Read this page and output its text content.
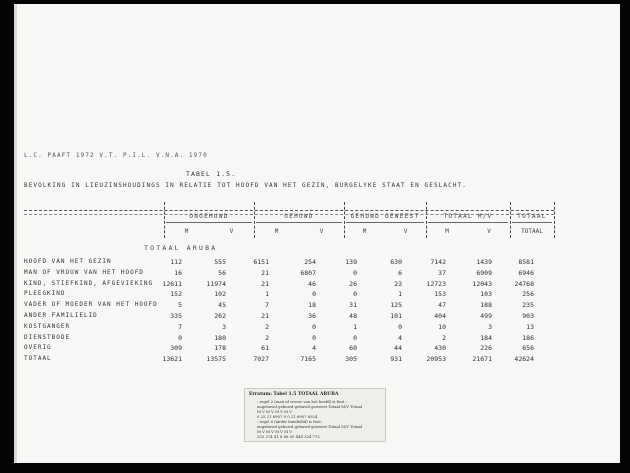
L.C. PAAFT 1972 V.T. P.I.L. V.N.A. 1970
TABEL 1.5.
BEVOLKING IN LIEUZINSHOUDINGS IN RELATIE TOT HOOFD VAN HET GEZIN, BURGELYKE STAAT EN GESLACHT.
ONGEHUWD
M	V
GEHUWD
M	V
GEHUWD GEWEEST
M	V
TOTAAL M/V
M	V
TOTAAL
TOTAAL
TOTAAL ARUBA
HOOFD VAN HET GEZIN	112	555	6151	254	139	630	7142	1439	8581
MAN OF VROUW VAN HET HOOFD	16	56	21	6807	0	6	37	6909	6946
KIND, STIEFKIND, AFGEVIEKING	12611	11974	21	46	26	23	12723	12043	24768
PLEEGKIND	152	102	1	0	0	1	153	103	256
VADER OF MOEDER VAN HET HOOFD	5	45	7	18	31	125	47	188	235
ANDER FAMILIELID	335	262	21	36	48	101	404	499	903
KOSTGANGER	7	3	2	0	1	0	10	3	13
DIENSTBODE	0	180	2	0	0	4	2	184	186
OVERIG	309	178	61	4	60	44	430	226	656
TOTAAL	13621	13575	7027	7165	305	931	20953	21671	42624
Erratum: Tabel 1.5 TOTAAL ARUBA
: regel 2 (man of vrouw van het hoofd) is fout :
ongehuwd gehuwd gehuwd geweest Totaal M/V Totaal
M V M V M V M V
0 25 21 6907 0 0 21 6907 6924
: regel 6 (ander familielid) is fout :
ongehuwd gehuwd gehuwd geweest Totaal M/V Totaal
M V M V M V M V
335 274 41 6 66 50 448 324 772
